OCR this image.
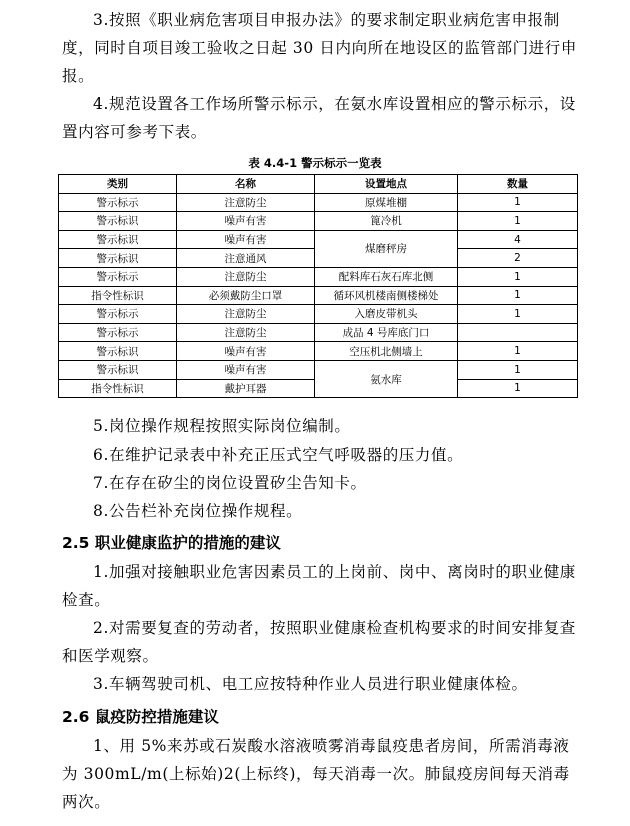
3.按照《职业病危害项目申报办法》的要求制定职业病危害申报制度，同时自项目竣工验收之日起 30 日内向所在地设区的监管部门进行申报。

4.规范设置各工作场所警示标示，在氨水库设置相应的警示标示，设置内容可参考下表。

表 4.4-1 警示标示一览表
类别	名称	设置地点	数量
警示标示	注意防尘	原煤堆棚	1
警示标识	噪声有害	篦冷机	1
警示标识	噪声有害	煤磨秤房	4
警示标识	注意通风		2
警示标示	注意防尘	配料库石灰石库北侧	1
指令性标识	必须戴防尘口罩	循环风机楼南侧楼梯处	1
警示标示	注意防尘	入磨皮带机头	1
警示标示	注意防尘	成品 4 号库底门口	
警示标识	噪声有害	空压机北侧墙上	1
警示标识	噪声有害	氨水库	1
指令性标识	戴护耳器		1

5.岗位操作规程按照实际岗位编制。

6.在维护记录表中补充正压式空气呼吸器的压力值。

7.在存在矽尘的岗位设置矽尘告知卡。

8.公告栏补充岗位操作规程。

2.5 职业健康监护的措施的建议

1.加强对接触职业危害因素员工的上岗前、岗中、离岗时的职业健康检查。

2.对需要复查的劳动者，按照职业健康检查机构要求的时间安排复查和医学观察。

3.车辆驾驶司机、电工应按特种作业人员进行职业健康体检。

2.6 鼠疫防控措施建议

1、用 5%来苏或石炭酸水溶液喷雾消毒鼠疫患者房间，所需消毒液为 300mL/m(上标始)2(上标终)，每天消毒一次。肺鼠疫房间每天消毒两次。
